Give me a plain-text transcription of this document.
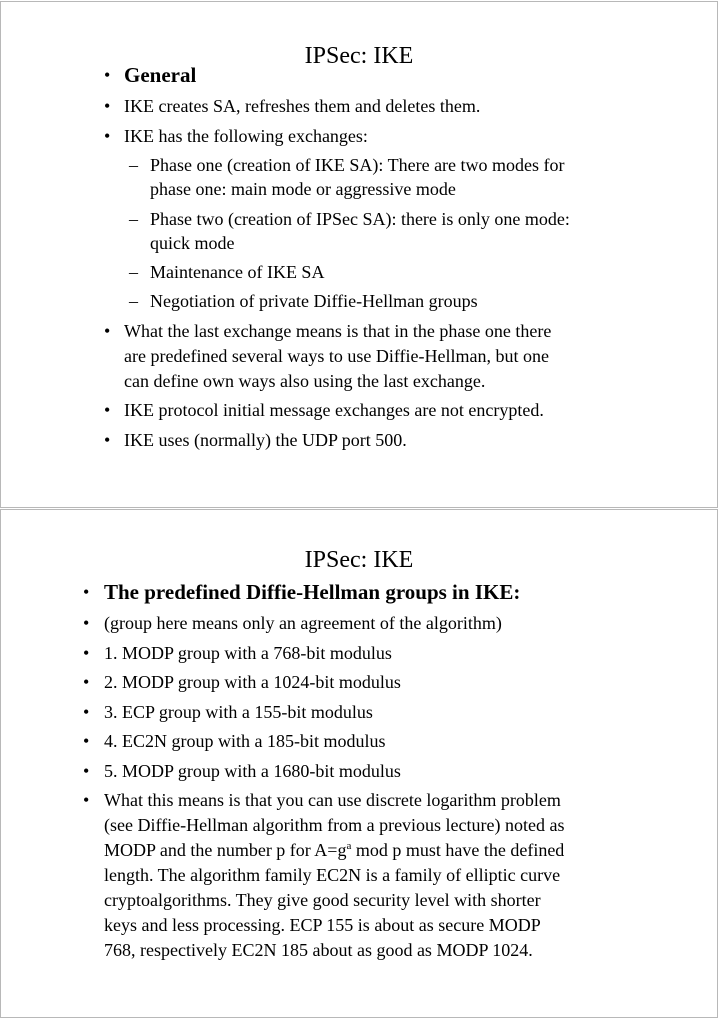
IPSec: IKE
• General
• IKE creates SA, refreshes them and deletes them.
• IKE has the following exchanges:
– Phase one (creation of IKE SA): There are two modes for
phase one: main mode or aggressive mode
– Phase two (creation of IPSec SA): there is only one mode:
quick mode
– Maintenance of IKE SA
– Negotiation of private Diffie-Hellman groups
• What the last exchange means is that in the phase one there
are predefined several ways to use Diffie-Hellman, but one
can define own ways also using the last exchange.
• IKE protocol initial message exchanges are not encrypted.
• IKE uses (normally) the UDP port 500.
IPSec: IKE
• The predefined Diffie-Hellman groups in IKE:
• (group here means only an agreement of the algorithm)
• 1. MODP group with a 768-bit modulus
• 2. MODP group with a 1024-bit modulus
• 3. ECP group with a 155-bit modulus
• 4. EC2N group with a 185-bit modulus
• 5. MODP group with a 1680-bit modulus
• What this means is that you can use discrete logarithm problem
(see Diffie-Hellman algorithm from a previous lecture) noted as
MODP and the number p for $A=g^a$ mod p must have the defined
length. The algorithm family EC2N is a family of elliptic curve
cryptoalgorithms. They give good security level with shorter
keys and less processing. ECP 155 is about as secure MODP
768, respectively EC2N 185 about as good as MODP 1024.
